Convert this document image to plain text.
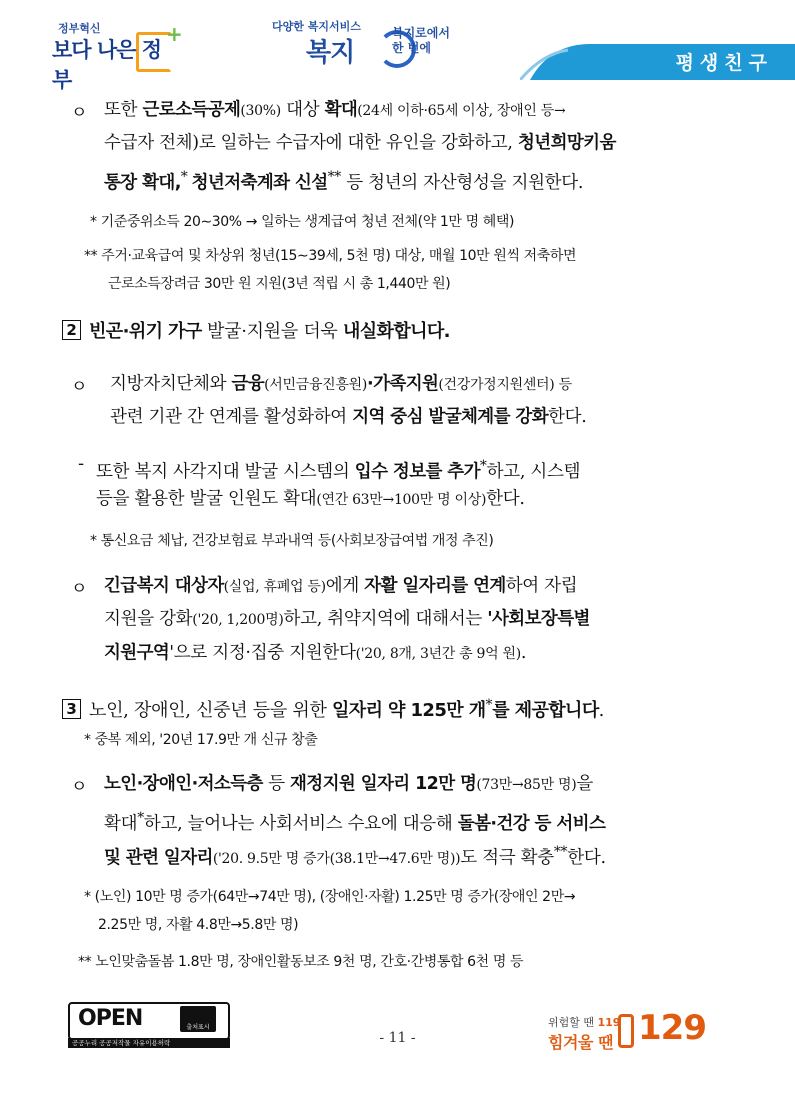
정부혁신
보다 나은 정부
+	다양한 복지서비스
복지
복지로에서 한 번에
평생친구
ㅇ 또한 근로소득공제(30%) 대상 확대(24세 이하·65세 이상, 장애인 등→
수급자 전체)로 일하는 수급자에 대한 유인을 강화하고, 청년희망키움
통장 확대,* 청년저축계좌 신설** 등 청년의 자산형성을 지원한다.
* 기준중위소득 20∼30% → 일하는 생계급여 청년 전체(약 1만 명 혜택)
** 주거·교육급여 및 차상위 청년(15∼39세, 5천 명) 대상, 매월 10만 원씩 저축하면
근로소득장려금 30만 원 지원(3년 적립 시 총 1,440만 원)
2 빈곤·위기 가구 발굴·지원을 더욱 내실화합니다.
ㅇ 지방자치단체와 금융(서민금융진흥원)·가족지원(건강가정지원센터) 등
관련 기관 간 연계를 활성화하여 지역 중심 발굴체계를 강화한다.
- 또한 복지 사각지대 발굴 시스템의 입수 정보를 추가*하고, 시스템
등을 활용한 발굴 인원도 확대(연간 63만→100만 명 이상)한다.
* 통신요금 체납, 건강보험료 부과내역 등(사회보장급여법 개정 추진)
ㅇ 긴급복지 대상자(실업, 휴폐업 등)에게 자활 일자리를 연계하여 자립
지원을 강화('20, 1,200명)하고, 취약지역에 대해서는 '사회보장특별
지원구역'으로 지정·집중 지원한다('20, 8개, 3년간 총 9억 원).
3 노인, 장애인, 신중년 등을 위한 일자리 약 125만 개*를 제공합니다.
* 중복 제외, '20년 17.9만 개 신규 창출
ㅇ 노인·장애인·저소득층 등 재정지원 일자리 12만 명(73만→85만 명)을
확대*하고, 늘어나는 사회서비스 수요에 대응해 돌봄·건강 등 서비스
및 관련 일자리('20. 9.5만 명 증가(38.1만→47.6만 명))도 적극 확충**한다.
* (노인) 10만 명 증가(64만→74만 명), (장애인·자활) 1.25만 명 증가(장애인 2만→
2.25만 명, 자활 4.8만→5.8만 명)
** 노인맞춤돌봄 1.8만 명, 장애인활동보조 9천 명, 간호·간병통합 6천 명 등
OPEN	출처표시
공공누리 공공저작물 자유이용허락	- 11 -
위험할 땐 119
힘겨울 땐 129
